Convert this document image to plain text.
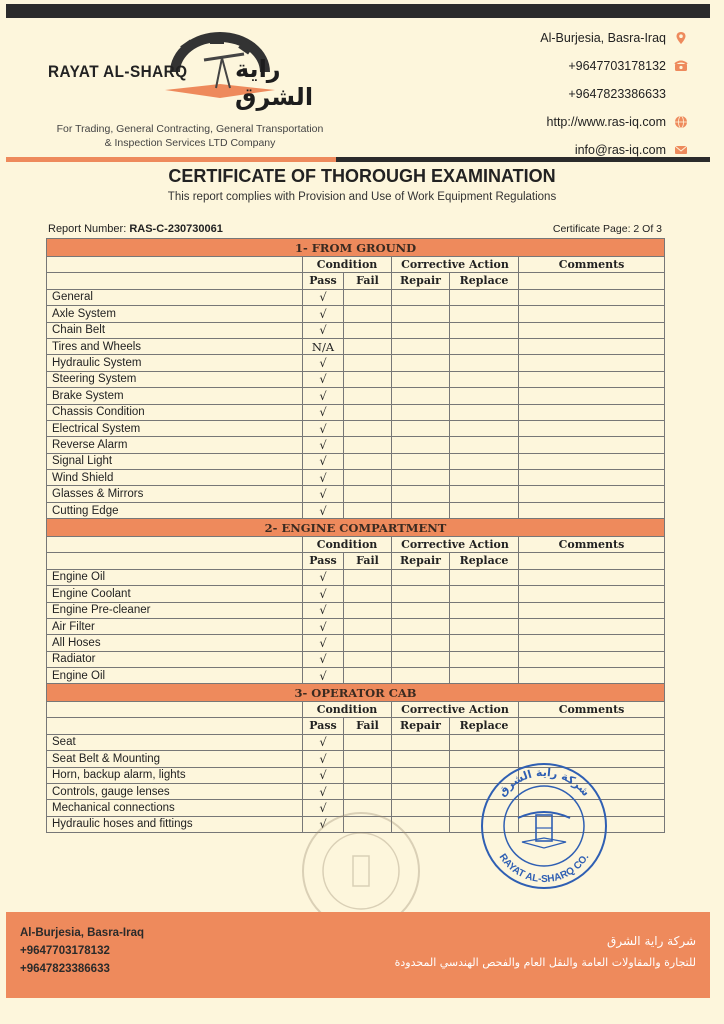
RAYAT AL-SHARQ راية الشرق
For Trading, General Contracting, General Transportation
& Inspection Services LTD Company
Al-Burjesia, Basra-Iraq
+9647703178132
+9647823386633
http://www.ras-iq.com
info@ras-iq.com
CERTIFICATE OF THOROUGH EXAMINATION
This report complies with Provision and Use of Work Equipment Regulations
Report Number: RAS-C-230730061	Certificate Page: 2 Of 3
1- FROM GROUND					
	Condition		Corrective Action		Comments
	Pass	Fail	Repair	Replace	
General	√				
Axle System	√				
Chain Belt	√				
Tires and Wheels	N/A				
Hydraulic System	√				
Steering System	√				
Brake System	√				
Chassis Condition	√				
Electrical System	√				
Reverse Alarm	√				
Signal Light	√				
Wind Shield	√				
Glasses & Mirrors	√				
Cutting Edge	√				
2- ENGINE COMPARTMENT					
	Condition		Corrective Action		Comments
	Pass	Fail	Repair	Replace	
Engine Oil	√				
Engine Coolant	√				
Engine Pre-cleaner	√				
Air Filter	√				
All Hoses	√				
Radiator	√				
Engine Oil	√				
3- OPERATOR CAB					
	Condition		Corrective Action		Comments
	Pass	Fail	Repair	Replace	
Seat	√				
Seat Belt & Mounting	√				
Horn, backup alarm, lights	√				
Controls, gauge lenses	√				
Mechanical connections	√				
Hydraulic hoses and fittings	√				
شركة راية الشرق
RAYAT AL-SHARQ CO.
Al-Burjesia, Basra-Iraq
+9647703178132
+9647823386633
شركة راية الشرق
للتجارة والمقاولات العامة والنقل العام والفحص الهندسي المحدودة
